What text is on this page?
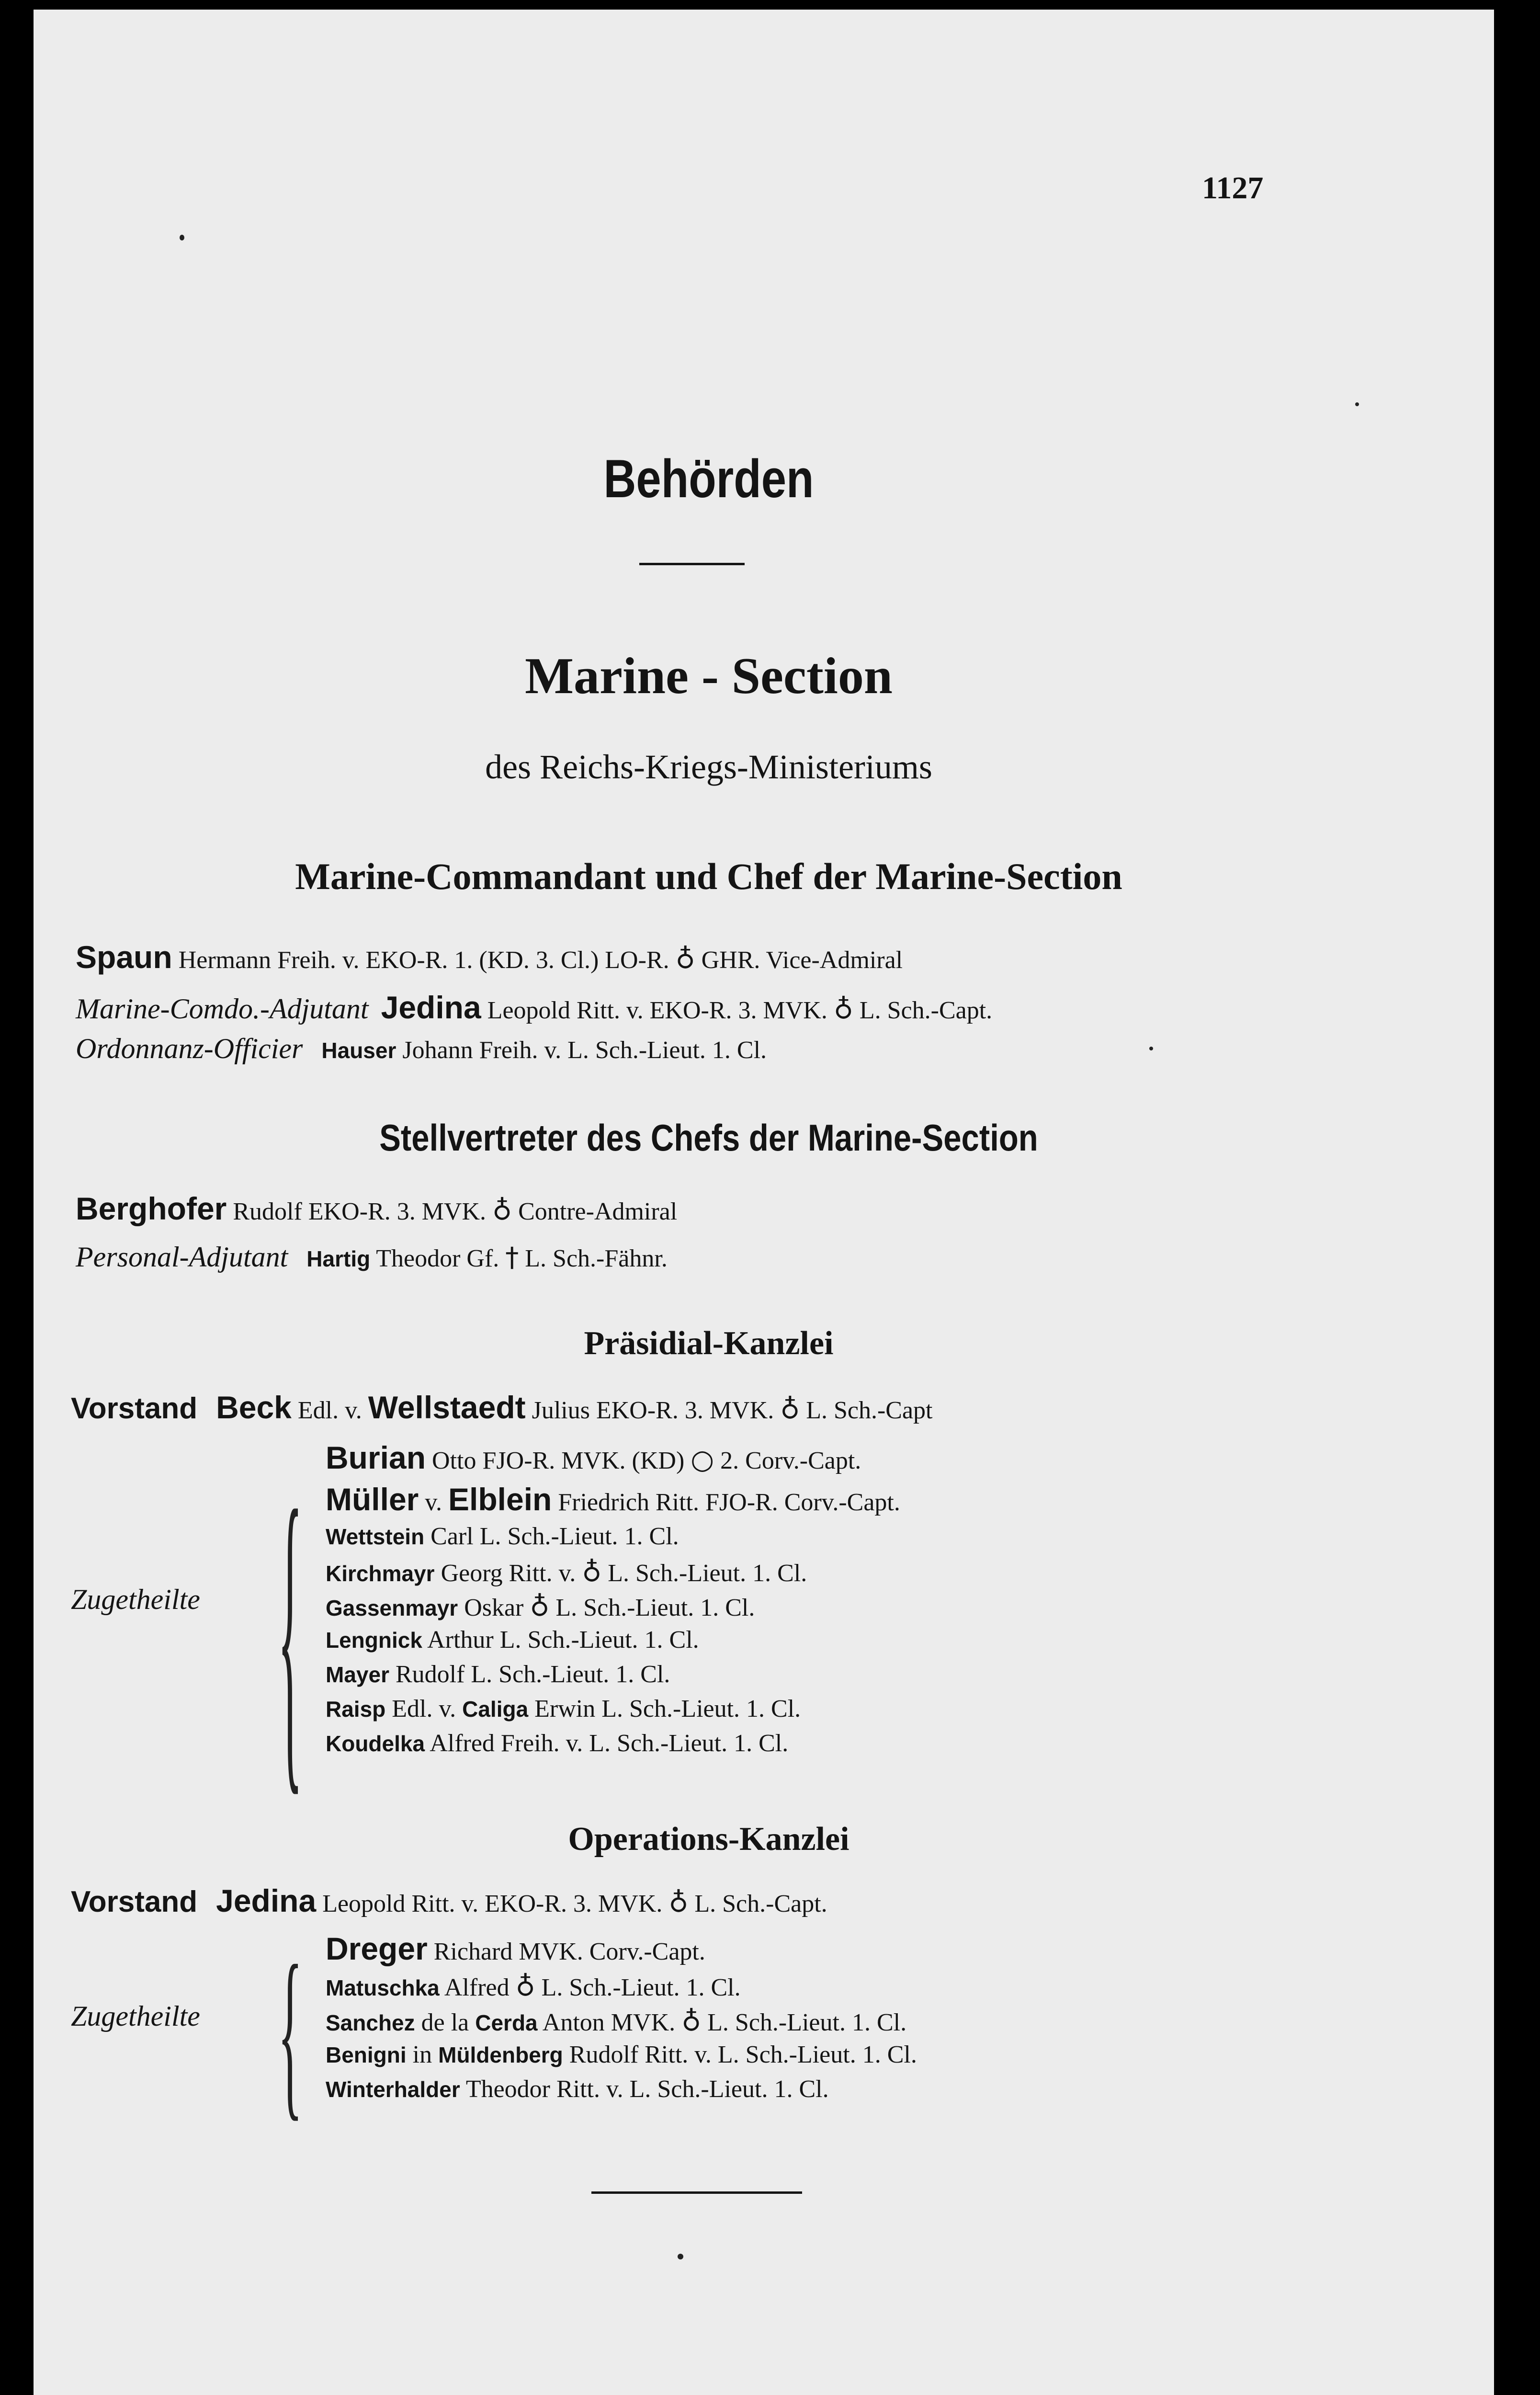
1127
Behörden
Marine - Section
des Reichs-Kriegs-Ministeriums
Marine-Commandant und Chef der Marine-Section
Spaun Hermann Freih. v. EKO-R. 1. (KD. 3. Cl.) LO-R. ♁ GHR. Vice-Admiral
Marine-Comdo.-Adjutant Jedina Leopold Ritt. v. EKO-R. 3. MVK. ♁ L. Sch.-Capt.
Ordonnanz-Officier Hauser Johann Freih. v. L. Sch.-Lieut. 1. Cl.
Stellvertreter des Chefs der Marine-Section
Berghofer Rudolf EKO-R. 3. MVK. ♁ Contre-Admiral
Personal-Adjutant Hartig Theodor Gf. † L. Sch.-Fähnr.
Präsidial-Kanzlei
Vorstand Beck Edl. v. Wellstaedt Julius EKO-R. 3. MVK. ♁ L. Sch.-Capt
Zugetheilte { Burian Otto FJO-R. MVK. (KD) ○ 2. Corv.-Capt.
Müller v. Elblein Friedrich Ritt. FJO-R. Corv.-Capt.
Wettstein Carl L. Sch.-Lieut. 1. Cl.
Kirchmayr Georg Ritt. v. ♁ L. Sch.-Lieut. 1. Cl.
Gassenmayr Oskar ♁ L. Sch.-Lieut. 1. Cl.
Lengnick Arthur L. Sch.-Lieut. 1. Cl.
Mayer Rudolf L. Sch.-Lieut. 1. Cl.
Raisp Edl. v. Caliga Erwin L. Sch.-Lieut. 1. Cl.
Koudelka Alfred Freih. v. L. Sch.-Lieut. 1. Cl.
Operations-Kanzlei
Vorstand Jedina Leopold Ritt. v. EKO-R. 3. MVK. ♁ L. Sch.-Capt.
Zugetheilte { Dreger Richard MVK. Corv.-Capt.
Matuschka Alfred ♁ L. Sch.-Lieut. 1. Cl.
Sanchez de la Cerda Anton MVK. ♁ L. Sch.-Lieut. 1. Cl.
Benigni in Müldenberg Rudolf Ritt. v. L. Sch.-Lieut. 1. Cl.
Winterhalder Theodor Ritt. v. L. Sch.-Lieut. 1. Cl.
